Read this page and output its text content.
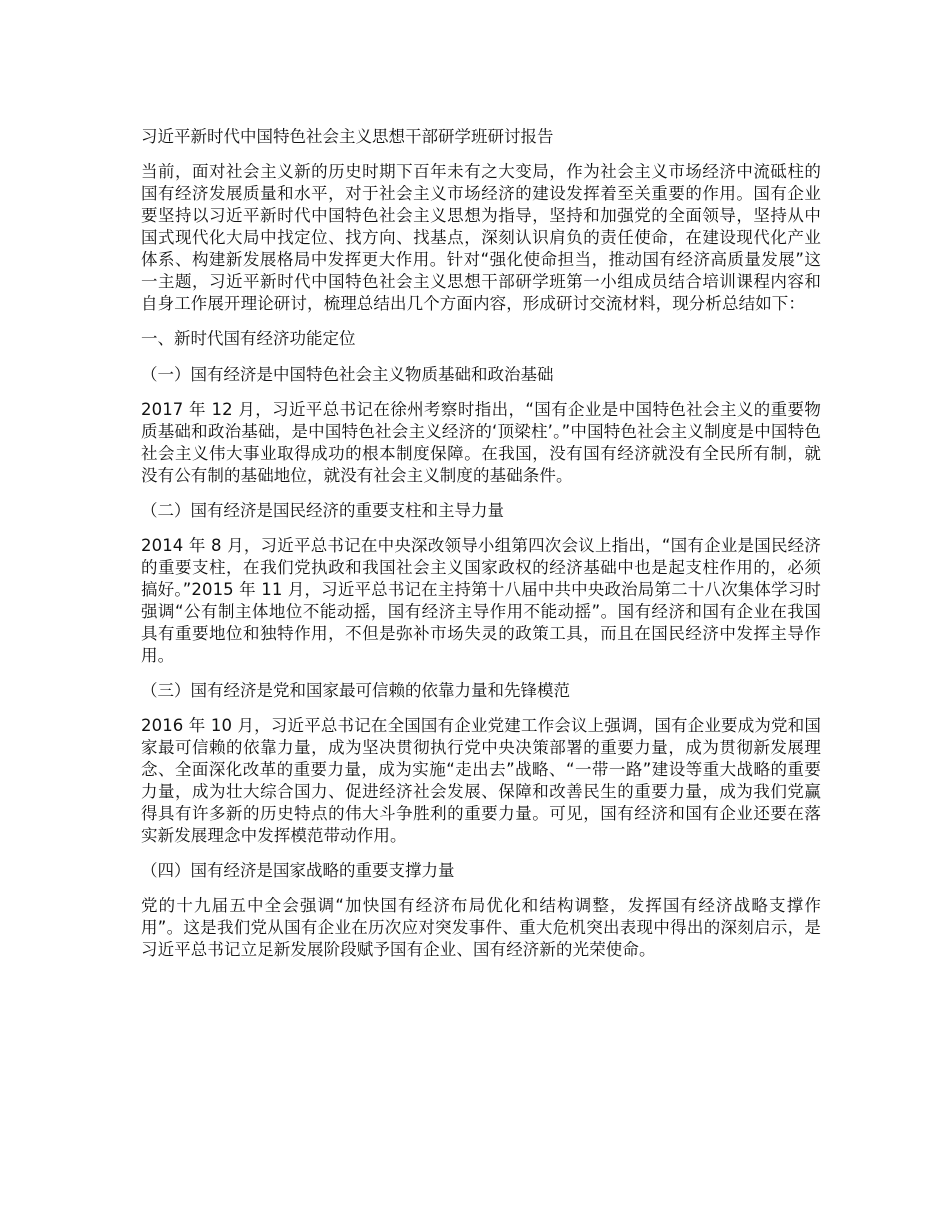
习近平新时代中国特色社会主义思想干部研学班研讨报告
当前，面对社会主义新的历史时期下百年未有之大变局，作为社会主义市场经济中流砥柱的国有经济发展质量和水平，对于社会主义市场经济的建设发挥着至关重要的作用。国有企业要坚持以习近平新时代中国特色社会主义思想为指导，坚持和加强党的全面领导，坚持从中国式现代化大局中找定位、找方向、找基点，深刻认识肩负的责任使命，在建设现代化产业体系、构建新发展格局中发挥更大作用。针对“强化使命担当，推动国有经济高质量发展”这一主题，习近平新时代中国特色社会主义思想干部研学班第一小组成员结合培训课程内容和自身工作展开理论研讨，梳理总结出几个方面内容，形成研讨交流材料，现分析总结如下：
一、新时代国有经济功能定位
（一）国有经济是中国特色社会主义物质基础和政治基础
2017 年 12 月，习近平总书记在徐州考察时指出，“国有企业是中国特色社会主义的重要物质基础和政治基础，是中国特色社会主义经济的‘顶梁柱’。”中国特色社会主义制度是中国特色社会主义伟大事业取得成功的根本制度保障。在我国，没有国有经济就没有全民所有制，就没有公有制的基础地位，就没有社会主义制度的基础条件。
（二）国有经济是国民经济的重要支柱和主导力量
2014 年 8 月，习近平总书记在中央深改领导小组第四次会议上指出，“国有企业是国民经济的重要支柱，在我们党执政和我国社会主义国家政权的经济基础中也是起支柱作用的，必须搞好。”2015 年 11 月，习近平总书记在主持第十八届中共中央政治局第二十八次集体学习时强调“公有制主体地位不能动摇，国有经济主导作用不能动摇”。国有经济和国有企业在我国具有重要地位和独特作用，不但是弥补市场失灵的政策工具，而且在国民经济中发挥主导作用。
（三）国有经济是党和国家最可信赖的依靠力量和先锋模范
2016 年 10 月，习近平总书记在全国国有企业党建工作会议上强调，国有企业要成为党和国家最可信赖的依靠力量，成为坚决贯彻执行党中央决策部署的重要力量，成为贯彻新发展理念、全面深化改革的重要力量，成为实施“走出去”战略、“一带一路”建设等重大战略的重要力量，成为壮大综合国力、促进经济社会发展、保障和改善民生的重要力量，成为我们党赢得具有许多新的历史特点的伟大斗争胜利的重要力量。可见，国有经济和国有企业还要在落实新发展理念中发挥模范带动作用。
（四）国有经济是国家战略的重要支撑力量
党的十九届五中全会强调“加快国有经济布局优化和结构调整，发挥国有经济战略支撑作用”。这是我们党从国有企业在历次应对突发事件、重大危机突出表现中得出的深刻启示，是习近平总书记立足新发展阶段赋予国有企业、国有经济新的光荣使命。
